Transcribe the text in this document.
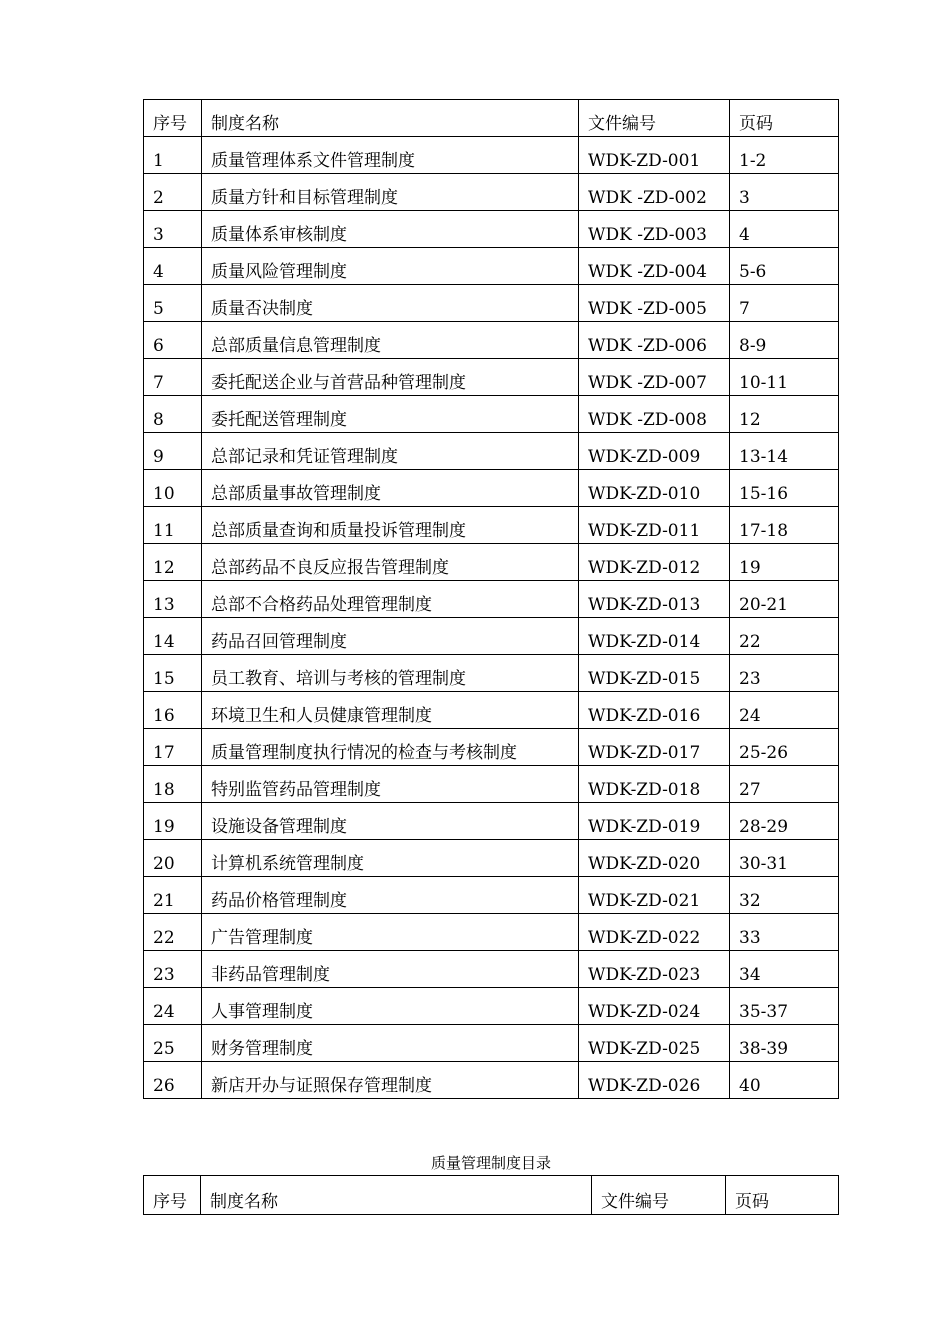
序号	制度名称	文件编号	页码
1	质量管理体系文件管理制度	WDK-ZD-001	1-2
2	质量方针和目标管理制度	WDK -ZD-002	3
3	质量体系审核制度	WDK -ZD-003	4
4	质量风险管理制度	WDK -ZD-004	5-6
5	质量否决制度	WDK -ZD-005	7
6	总部质量信息管理制度	WDK -ZD-006	8-9
7	委托配送企业与首营品种管理制度	WDK -ZD-007	10-11
8	委托配送管理制度	WDK -ZD-008	12
9	总部记录和凭证管理制度	WDK-ZD-009	13-14
10	总部质量事故管理制度	WDK-ZD-010	15-16
11	总部质量查询和质量投诉管理制度	WDK-ZD-011	17-18
12	总部药品不良反应报告管理制度	WDK-ZD-012	19
13	总部不合格药品处理管理制度	WDK-ZD-013	20-21
14	药品召回管理制度	WDK-ZD-014	22
15	员工教育、培训与考核的管理制度	WDK-ZD-015	23
16	环境卫生和人员健康管理制度	WDK-ZD-016	24
17	质量管理制度执行情况的检查与考核制度	WDK-ZD-017	25-26
18	特别监管药品管理制度	WDK-ZD-018	27
19	设施设备管理制度	WDK-ZD-019	28-29
20	计算机系统管理制度	WDK-ZD-020	30-31
21	药品价格管理制度	WDK-ZD-021	32
22	广告管理制度	WDK-ZD-022	33
23	非药品管理制度	WDK-ZD-023	34
24	人事管理制度	WDK-ZD-024	35-37
25	财务管理制度	WDK-ZD-025	38-39
26	新店开办与证照保存管理制度	WDK-ZD-026	40
质量管理制度目录
序号	制度名称	文件编号	页码
